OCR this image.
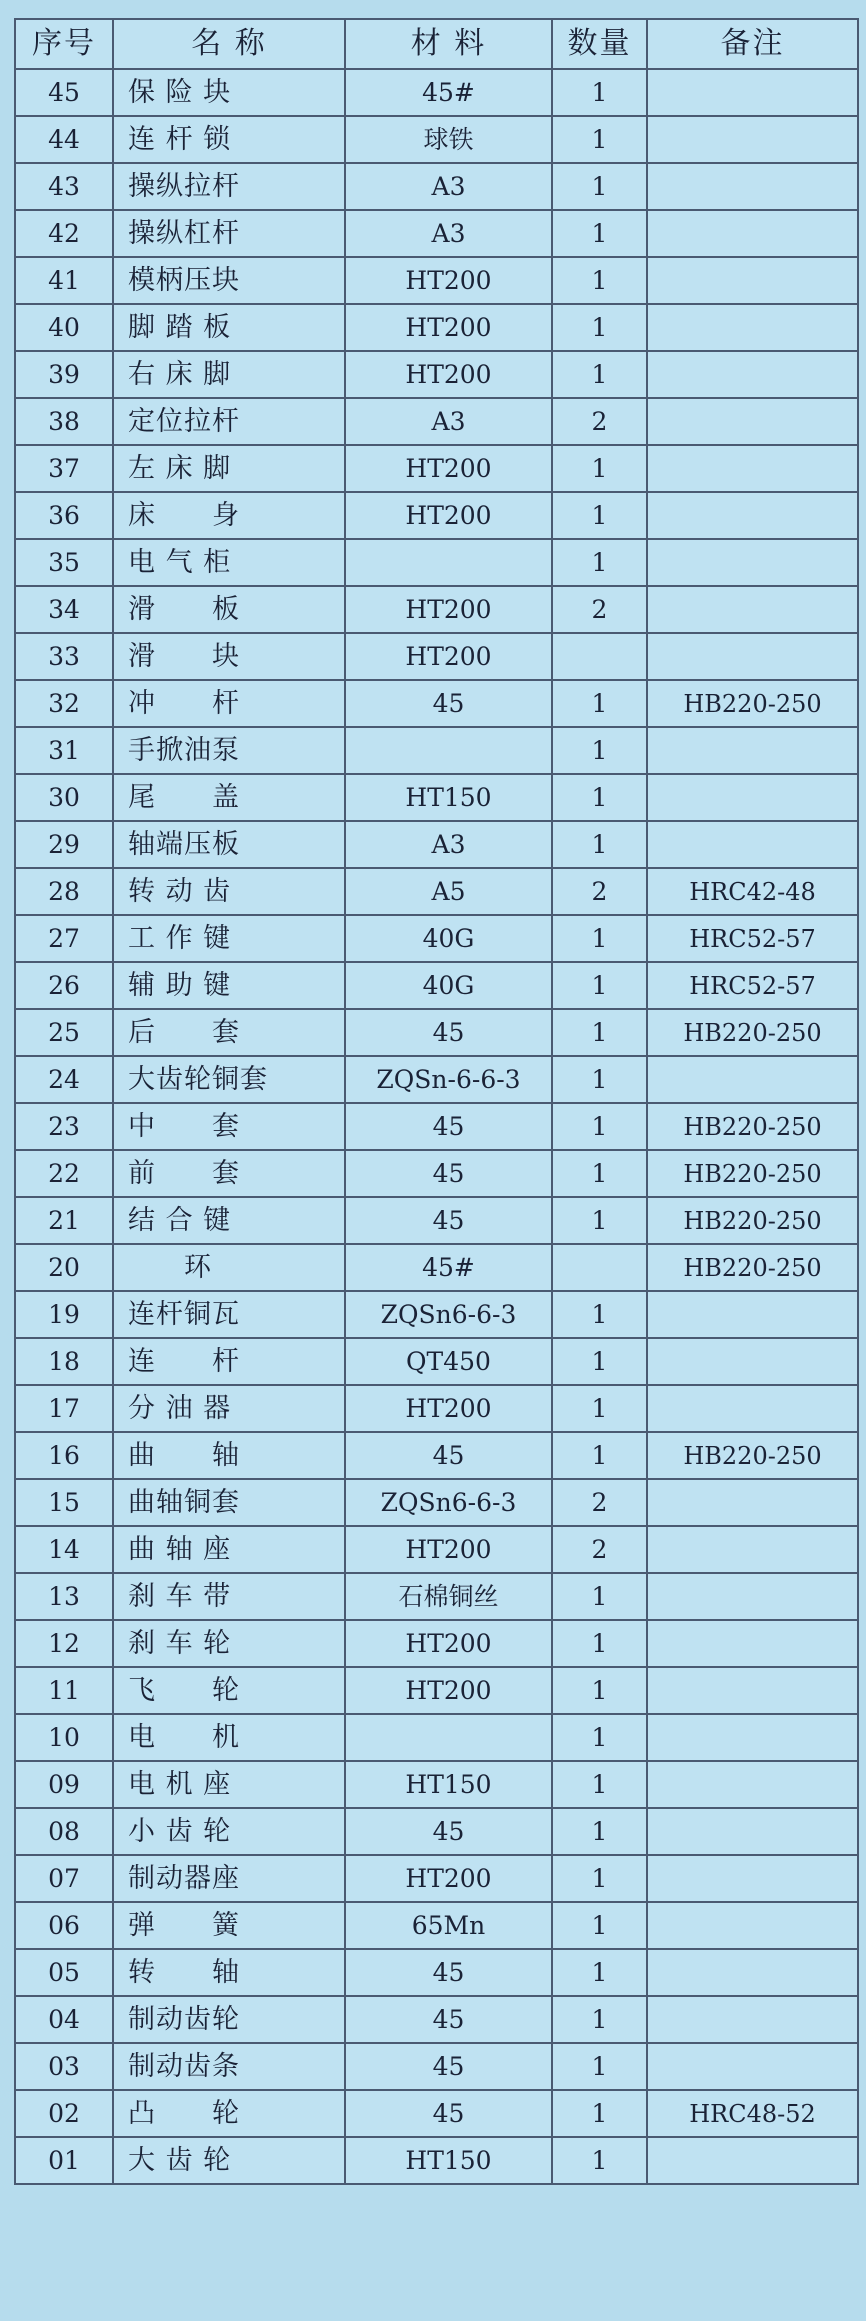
序号	名 称	材 料	数量	备注
45	保 险 块	45#	1	
44	连 杆 锁	球铁	1	
43	操纵拉杆	A3	1	
42	操纵杠杆	A3	1	
41	模柄压块	HT200	1	
40	脚 踏 板	HT200	1	
39	右 床 脚	HT200	1	
38	定位拉杆	A3	2	
37	左 床 脚	HT200	1	
36	床　　身	HT200	1	
35	电 气 柜		1	
34	滑　　板	HT200	2	
33	滑　　块	HT200		
32	冲　　杆	45	1	HB220-250
31	手掀油泵		1	
30	尾　　盖	HT150	1	
29	轴端压板	A3	1	
28	转 动 齿	A5	2	HRC42-48
27	工 作 键	40G	1	HRC52-57
26	辅 助 键	40G	1	HRC52-57
25	后　　套	45	1	HB220-250
24	大齿轮铜套	ZQSn-6-6-3	1	
23	中　　套	45	1	HB220-250
22	前　　套	45	1	HB220-250
21	结 合 键	45	1	HB220-250
20	　　环	45#		HB220-250
19	连杆铜瓦	ZQSn6-6-3	1	
18	连　　杆	QT450	1	
17	分 油 器	HT200	1	
16	曲　　轴	45	1	HB220-250
15	曲轴铜套	ZQSn6-6-3	2	
14	曲 轴 座	HT200	2	
13	刹 车 带	石棉铜丝	1	
12	刹 车 轮	HT200	1	
11	飞　　轮	HT200	1	
10	电　　机		1	
09	电 机 座	HT150	1	
08	小 齿 轮	45	1	
07	制动器座	HT200	1	
06	弹　　簧	65Mn	1	
05	转　　轴	45	1	
04	制动齿轮	45	1	
03	制动齿条	45	1	
02	凸　　轮	45	1	HRC48-52
01	大 齿 轮	HT150	1	
